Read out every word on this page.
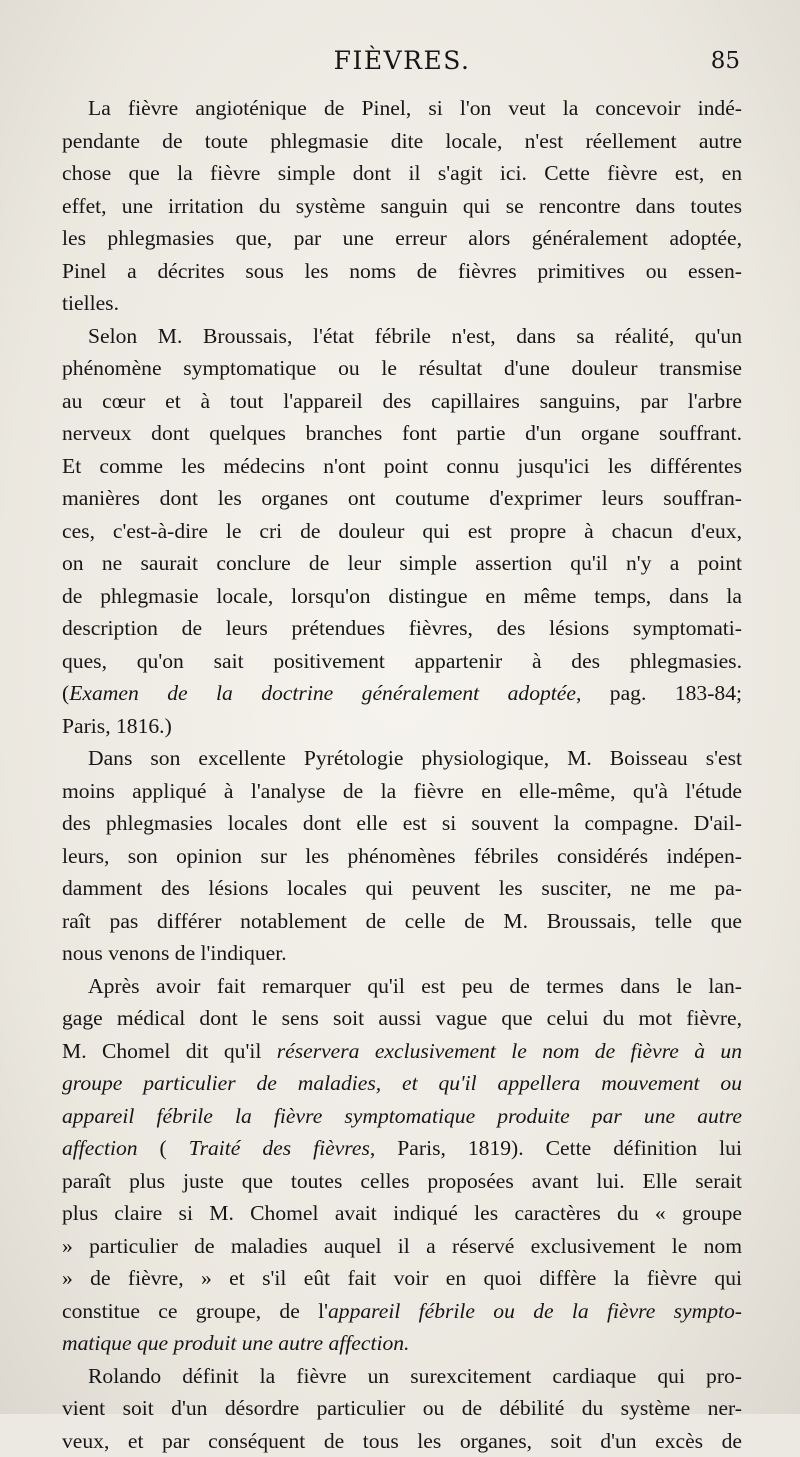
FIÈVRES.	85

La fièvre angioténique de Pinel, si l'on veut la concevoir indé-
pendante de toute phlegmasie dite locale, n'est réellement autre
chose que la fièvre simple dont il s'agit ici. Cette fièvre est, en
effet, une irritation du système sanguin qui se rencontre dans toutes
les phlegmasies que, par une erreur alors généralement adoptée,
Pinel a décrites sous les noms de fièvres primitives ou essen-
tielles.

Selon M. Broussais, l'état fébrile n'est, dans sa réalité, qu'un
phénomène symptomatique ou le résultat d'une douleur transmise
au cœur et à tout l'appareil des capillaires sanguins, par l'arbre
nerveux dont quelques branches font partie d'un organe souffrant.
Et comme les médecins n'ont point connu jusqu'ici les différentes
manières dont les organes ont coutume d'exprimer leurs souffran-
ces, c'est-à-dire le cri de douleur qui est propre à chacun d'eux,
on ne saurait conclure de leur simple assertion qu'il n'y a point
de phlegmasie locale, lorsqu'on distingue en même temps, dans la
description de leurs prétendues fièvres, des lésions symptomati-
ques, qu'on sait positivement appartenir à des phlegmasies.
(Examen de la doctrine généralement adoptée, pag. 183-84;
Paris, 1816.)

Dans son excellente Pyrétologie physiologique, M. Boisseau s'est
moins appliqué à l'analyse de la fièvre en elle-même, qu'à l'étude
des phlegmasies locales dont elle est si souvent la compagne. D'ail-
leurs, son opinion sur les phénomènes fébriles considérés indépen-
damment des lésions locales qui peuvent les susciter, ne me pa-
raît pas différer notablement de celle de M. Broussais, telle que
nous venons de l'indiquer.

Après avoir fait remarquer qu'il est peu de termes dans le lan-
gage médical dont le sens soit aussi vague que celui du mot fièvre,
M. Chomel dit qu'il réservera exclusivement le nom de fièvre à un
groupe particulier de maladies, et qu'il appellera mouvement ou
appareil fébrile la fièvre symptomatique produite par une autre
affection ( Traité des fièvres, Paris, 1819). Cette définition lui
paraît plus juste que toutes celles proposées avant lui. Elle serait
plus claire si M. Chomel avait indiqué les caractères du « groupe
» particulier de maladies auquel il a réservé exclusivement le nom
» de fièvre, » et s'il eût fait voir en quoi diffère la fièvre qui
constitue ce groupe, de l'appareil fébrile ou de la fièvre sympto-
matique que produit une autre affection.

Rolando définit la fièvre un surexcitement cardiaque qui pro-
vient soit d'un désordre particulier ou de débilité du système ner-
veux, et par conséquent de tous les organes, soit d'un excès de
